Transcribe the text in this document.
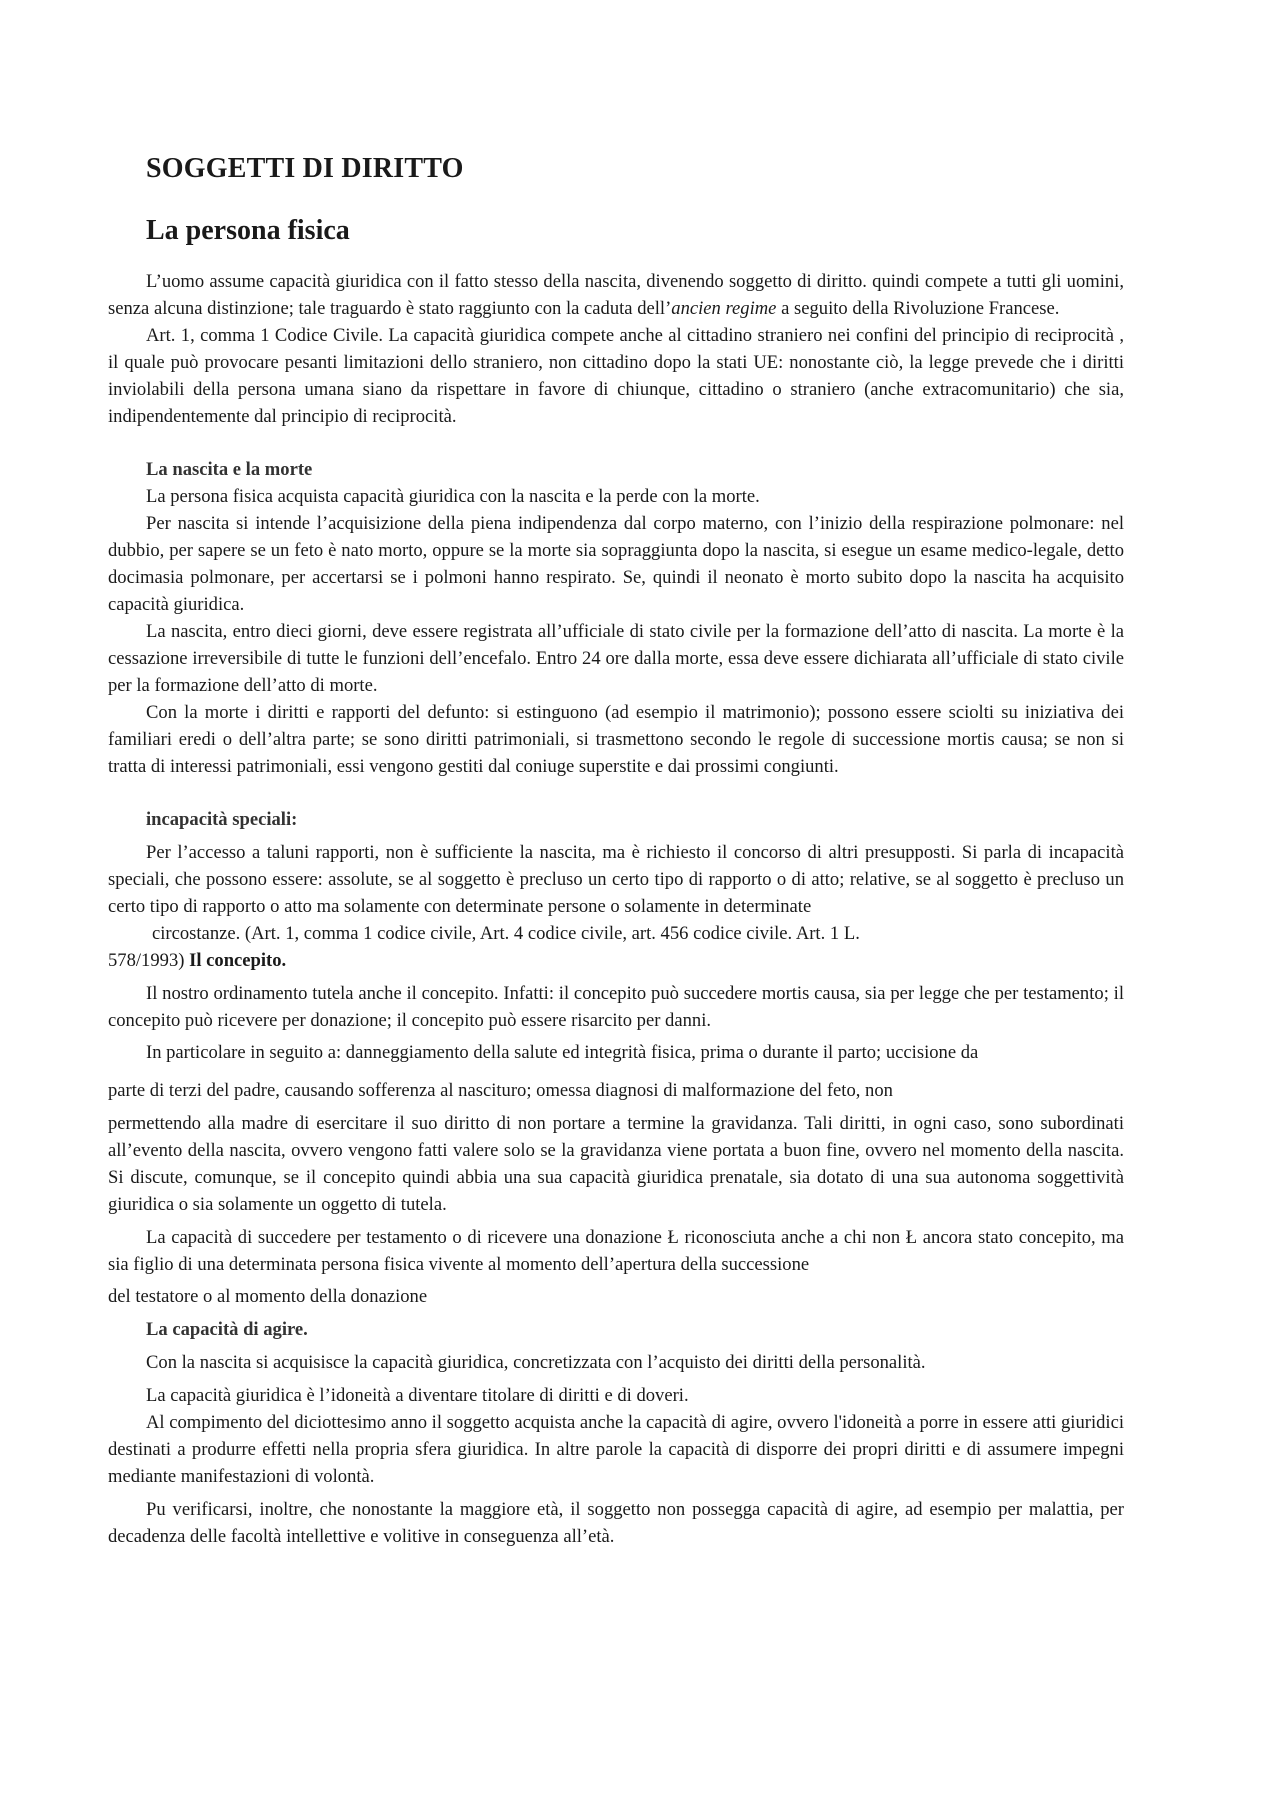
SOGGETTI DI DIRITTO
La persona fisica

L’uomo assume capacità giuridica con il fatto stesso della nascita, divenendo soggetto di diritto. quindi compete a tutti gli uomini, senza alcuna distinzione; tale traguardo è stato raggiunto con la caduta dell’ancien regime a seguito della Rivoluzione Francese.

Art. 1, comma 1 Codice Civile. La capacità giuridica compete anche al cittadino straniero nei confini del principio di reciprocità , il quale può provocare pesanti limitazioni dello straniero, non cittadino dopo la stati UE: nonostante ciò, la legge prevede che i diritti inviolabili della persona umana siano da rispettare in favore di chiunque, cittadino o straniero (anche extracomunitario) che sia, indipendentemente dal principio di reciprocità.

La nascita e la morte

La persona fisica acquista capacità giuridica con la nascita e la perde con la morte.

Per nascita si intende l’acquisizione della piena indipendenza dal corpo materno, con l’inizio della respirazione polmonare: nel dubbio, per sapere se un feto è nato morto, oppure se la morte sia sopraggiunta dopo la nascita, si esegue un esame medico-legale, detto docimasia polmonare, per accertarsi se i polmoni hanno respirato. Se, quindi il neonato è morto subito dopo la nascita ha acquisito capacità giuridica.

La nascita, entro dieci giorni, deve essere registrata all’ufficiale di stato civile per la formazione dell’atto di nascita. La morte è la cessazione irreversibile di tutte le funzioni dell’encefalo. Entro 24 ore dalla morte, essa deve essere dichiarata all’ufficiale di stato civile per la formazione dell’atto di morte.

Con la morte i diritti e rapporti del defunto: si estinguono (ad esempio il matrimonio); possono essere sciolti su iniziativa dei familiari eredi o dell’altra parte; se sono diritti patrimoniali, si trasmettono secondo le regole di successione mortis causa; se non si tratta di interessi patrimoniali, essi vengono gestiti dal coniuge superstite e dai prossimi congiunti.

incapacità speciali:

Per l’accesso a taluni rapporti, non è sufficiente la nascita, ma è richiesto il concorso di altri presupposti. Si parla di incapacità speciali, che possono essere: assolute, se al soggetto è precluso un certo tipo di rapporto o di atto; relative, se al soggetto è precluso un certo tipo di rapporto o atto ma solamente con determinate persone o solamente in determinate

circostanze. (Art. 1, comma 1 codice civile, Art. 4 codice civile, art. 456 codice civile. Art. 1 L.

578/1993) Il concepito.

Il nostro ordinamento tutela anche il concepito. Infatti: il concepito può succedere mortis causa, sia per legge che per testamento; il concepito può ricevere per donazione; il concepito può essere risarcito per danni.

In particolare in seguito a: danneggiamento della salute ed integrità fisica, prima o durante il parto; uccisione da

parte di terzi del padre, causando sofferenza al nascituro; omessa diagnosi di malformazione del feto, non

permettendo alla madre di esercitare il suo diritto di non portare a termine la gravidanza. Tali diritti, in ogni caso, sono subordinati all’evento della nascita, ovvero vengono fatti valere solo se la gravidanza viene portata a buon fine, ovvero nel momento della nascita. Si discute, comunque, se il concepito quindi abbia una sua capacità giuridica prenatale, sia dotato di una sua autonoma soggettività giuridica o sia solamente un oggetto di tutela.

La capacità di succedere per testamento o di ricevere una donazione Ł riconosciuta anche a chi non Ł ancora stato concepito, ma sia figlio di una determinata persona fisica vivente al momento dell’apertura della successione

del testatore o al momento della donazione

La capacità di agire.

Con la nascita si acquisisce la capacità giuridica, concretizzata con l’acquisto dei diritti della personalità.

La capacità giuridica è l’idoneità a diventare titolare di diritti e di doveri.

Al compimento del diciottesimo anno il soggetto acquista anche la capacità di agire, ovvero l'idoneità a porre in essere atti giuridici destinati a produrre effetti nella propria sfera giuridica. In altre parole la capacità di disporre dei propri diritti e di assumere impegni mediante manifestazioni di volontà.

Pu verificarsi, inoltre, che nonostante la maggiore età, il soggetto non possegga capacità di agire, ad esempio per malattia, per decadenza delle facoltà intellettive e volitive in conseguenza all’età.
